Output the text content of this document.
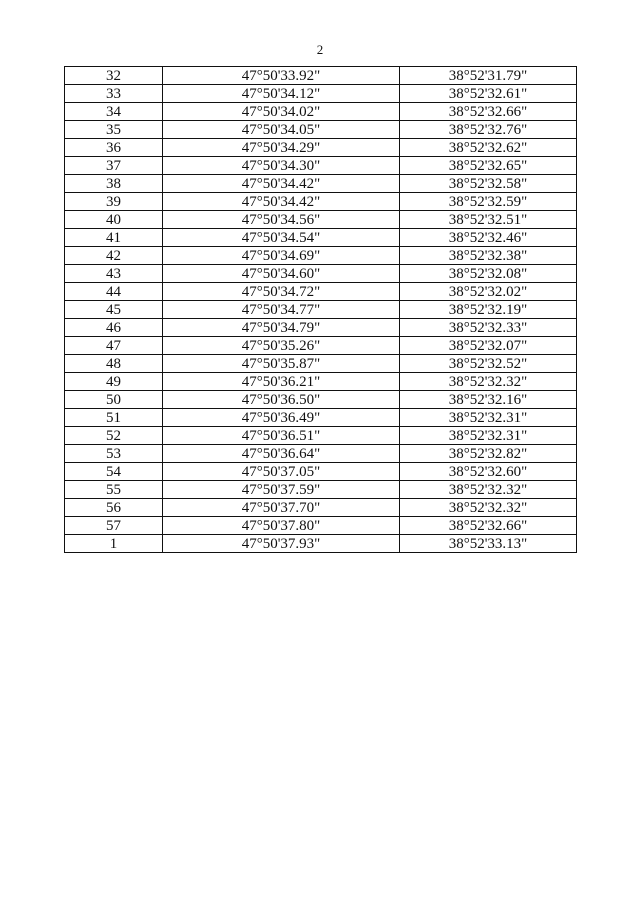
2
32	47°50'33.92"	38°52'31.79"
33	47°50'34.12"	38°52'32.61"
34	47°50'34.02"	38°52'32.66"
35	47°50'34.05"	38°52'32.76"
36	47°50'34.29"	38°52'32.62"
37	47°50'34.30"	38°52'32.65"
38	47°50'34.42"	38°52'32.58"
39	47°50'34.42"	38°52'32.59"
40	47°50'34.56"	38°52'32.51"
41	47°50'34.54"	38°52'32.46"
42	47°50'34.69"	38°52'32.38"
43	47°50'34.60"	38°52'32.08"
44	47°50'34.72"	38°52'32.02"
45	47°50'34.77"	38°52'32.19"
46	47°50'34.79"	38°52'32.33"
47	47°50'35.26"	38°52'32.07"
48	47°50'35.87"	38°52'32.52"
49	47°50'36.21"	38°52'32.32"
50	47°50'36.50"	38°52'32.16"
51	47°50'36.49"	38°52'32.31"
52	47°50'36.51"	38°52'32.31"
53	47°50'36.64"	38°52'32.82"
54	47°50'37.05"	38°52'32.60"
55	47°50'37.59"	38°52'32.32"
56	47°50'37.70"	38°52'32.32"
57	47°50'37.80"	38°52'32.66"
1	47°50'37.93"	38°52'33.13"
